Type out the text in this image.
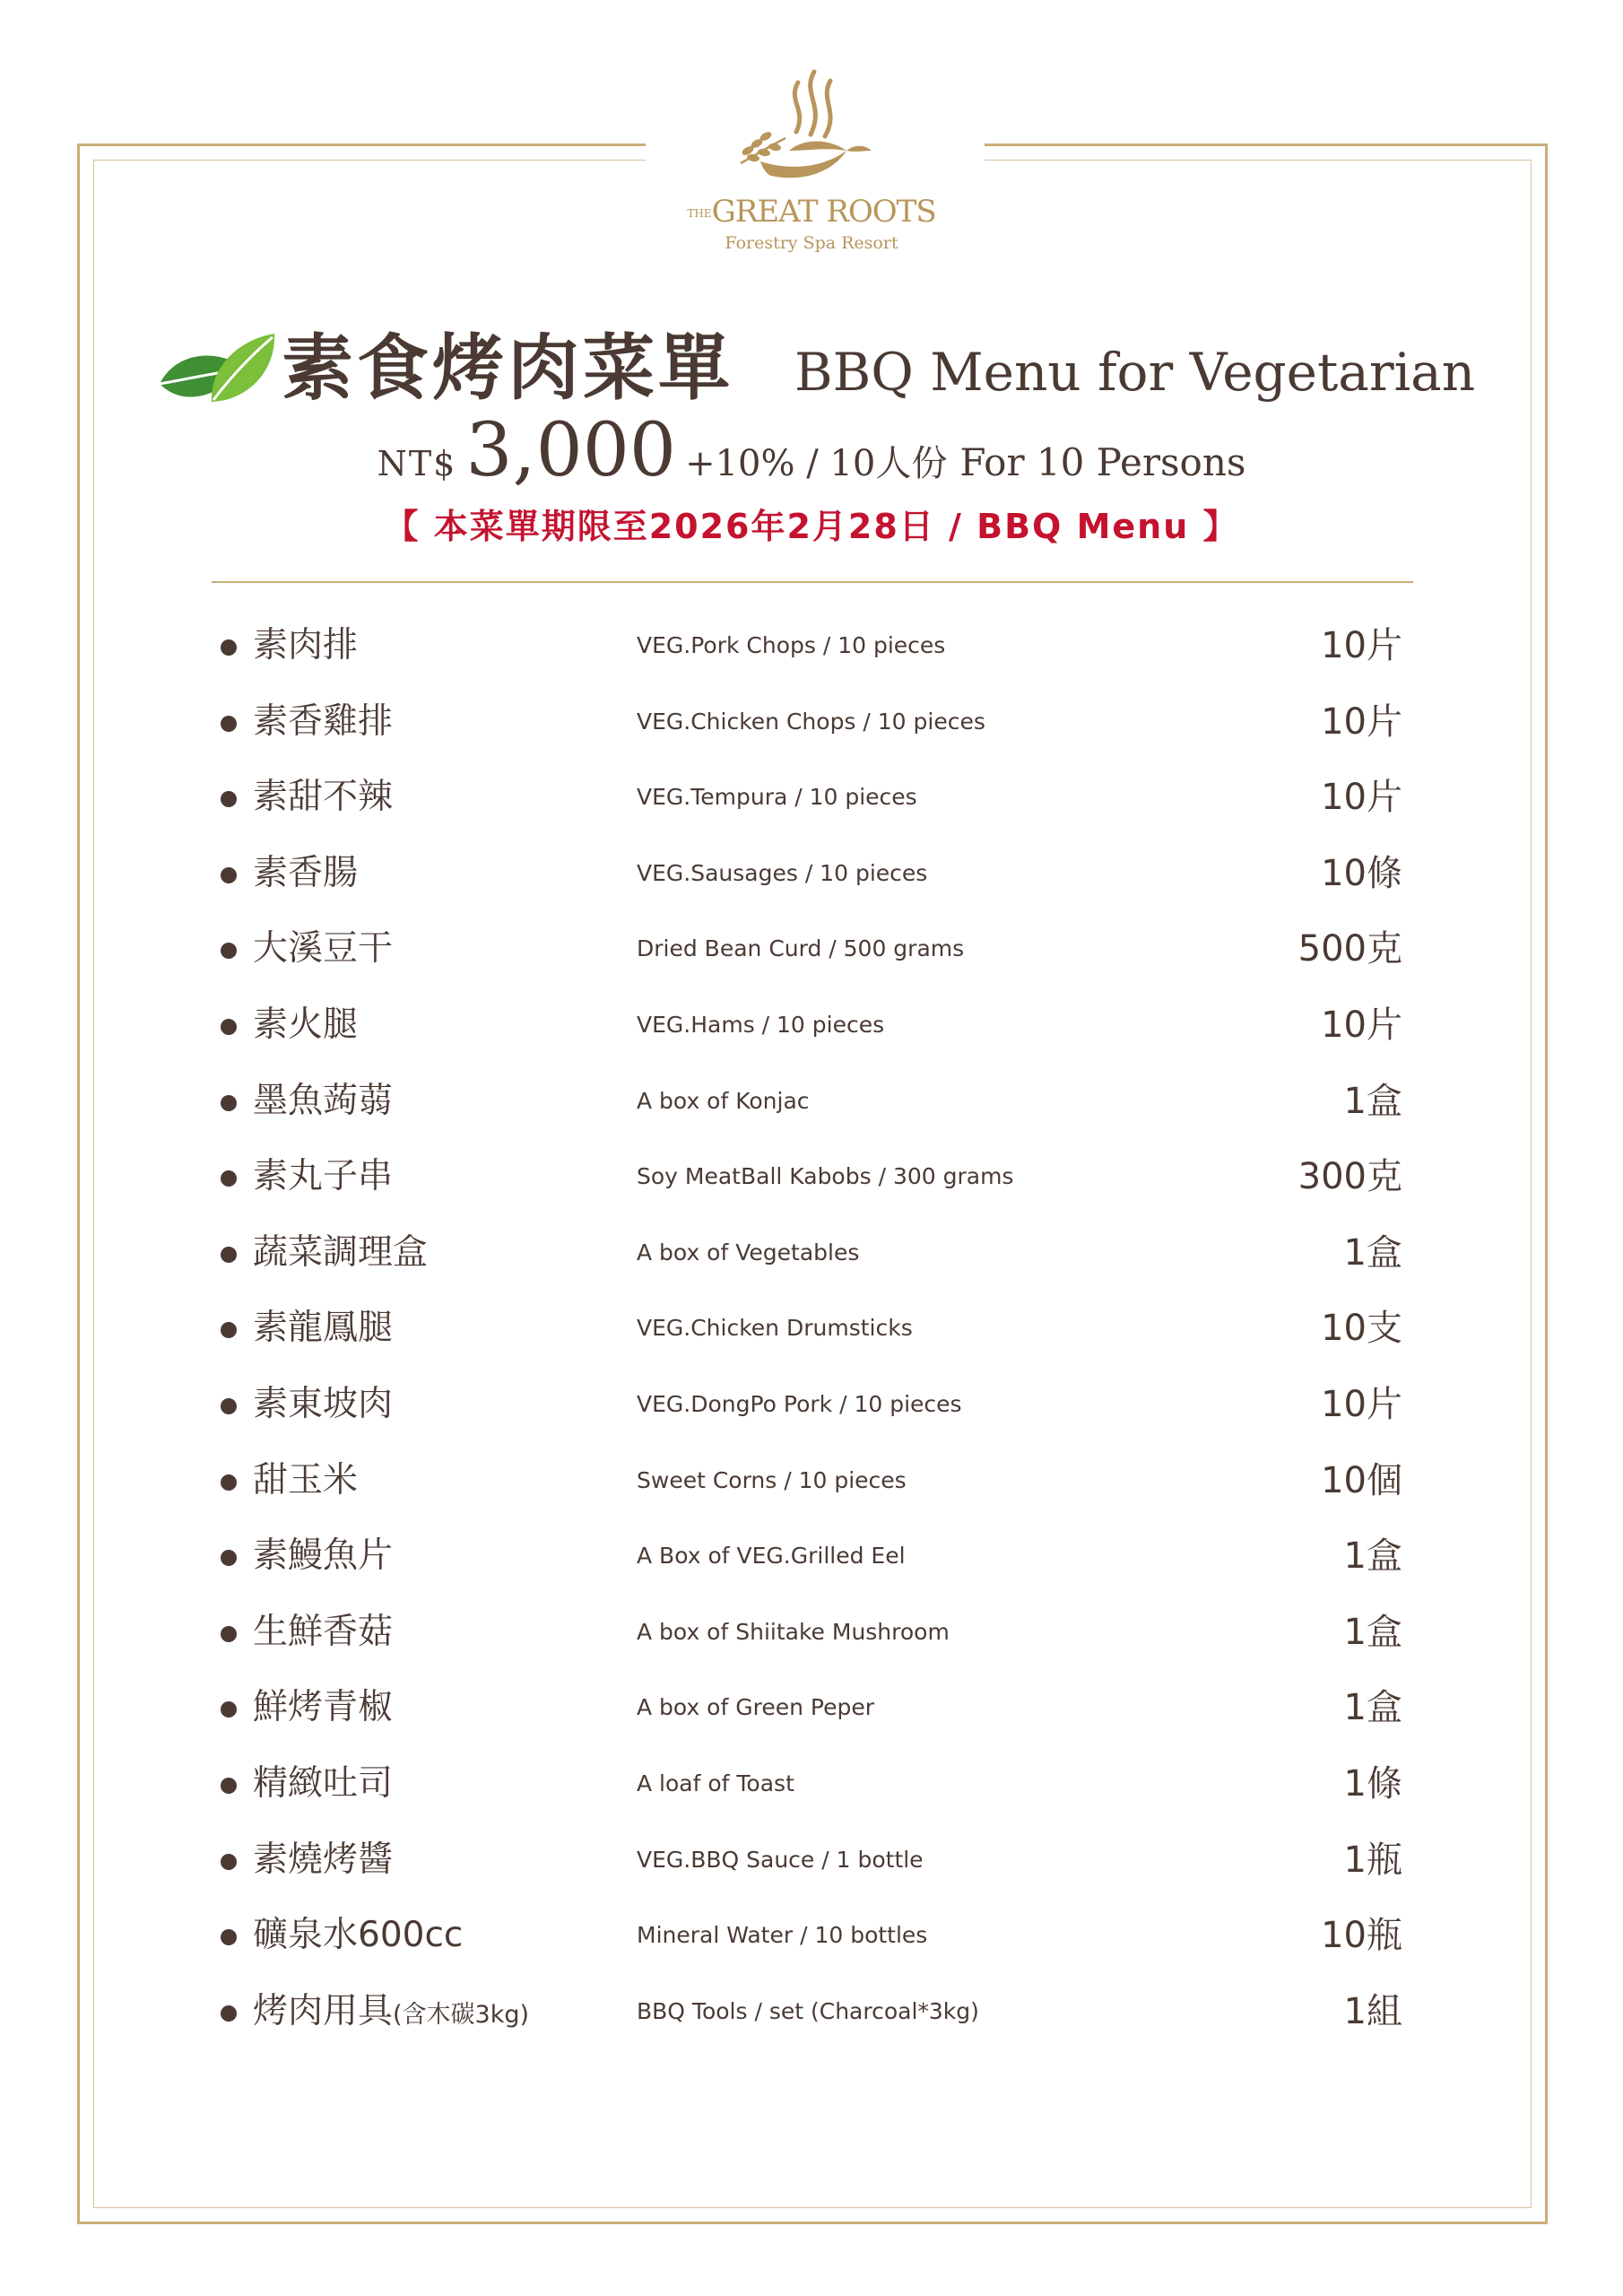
THEGREAT ROOTS
Forestry Spa Resort
素食烤肉菜單 BBQ Menu for Vegetarian
NT$ 3,000 +10% / 10人份 For 10 Persons
【 本菜單期限至2026年2月28日 / BBQ Menu 】
素肉排	VEG.Pork Chops / 10 pieces	10片
素香雞排	VEG.Chicken Chops / 10 pieces	10片
素甜不辣	VEG.Tempura / 10 pieces	10片
素香腸	VEG.Sausages / 10 pieces	10條
大溪豆干	Dried Bean Curd / 500 grams	500克
素火腿	VEG.Hams / 10 pieces	10片
墨魚蒟蒻	A box of Konjac	1盒
素丸子串	Soy MeatBall Kabobs / 300 grams	300克
蔬菜調理盒	A box of Vegetables	1盒
素龍鳳腿	VEG.Chicken Drumsticks	10支
素東坡肉	VEG.DongPo Pork / 10 pieces	10片
甜玉米	Sweet Corns / 10 pieces	10個
素鰻魚片	A Box of VEG.Grilled Eel	1盒
生鮮香菇	A box of Shiitake Mushroom	1盒
鮮烤青椒	A box of Green Peper	1盒
精緻吐司	A loaf of Toast	1條
素燒烤醬	VEG.BBQ Sauce / 1 bottle	1瓶
礦泉水600cc	Mineral Water / 10 bottles	10瓶
烤肉用具(含木碳3kg)	BBQ Tools / set (Charcoal*3kg)	1組
